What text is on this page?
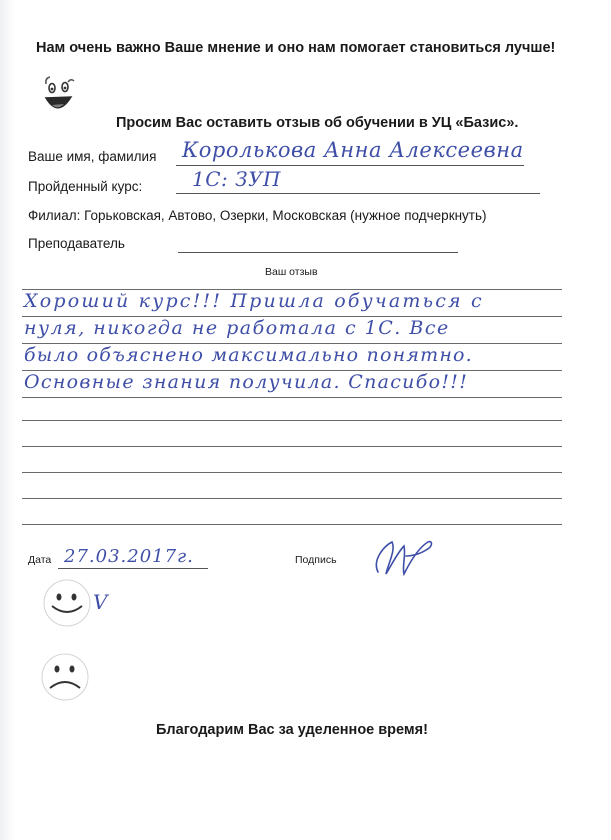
Нам очень важно Ваше мнение и оно нам помогает становиться лучше!
Просим Вас оставить отзыв об обучении в УЦ «Базис».
Ваше имя, фамилия Королькова Анна Алексеевна
Пройденный курс: 1С: ЗУП
Филиал: Горьковская, Автово, Озерки, Московская (нужное подчеркнуть)
Преподаватель
Ваш отзыв
Хороший курс!!! Пришла обучаться с
нуля, никогда не работала с 1С. Все
было объяснено максимально понятно.
Основные знания получила. Спасибо!!!
Дата 27.03.2017г.	Подпись
V
Благодарим Вас за уделенное время!
